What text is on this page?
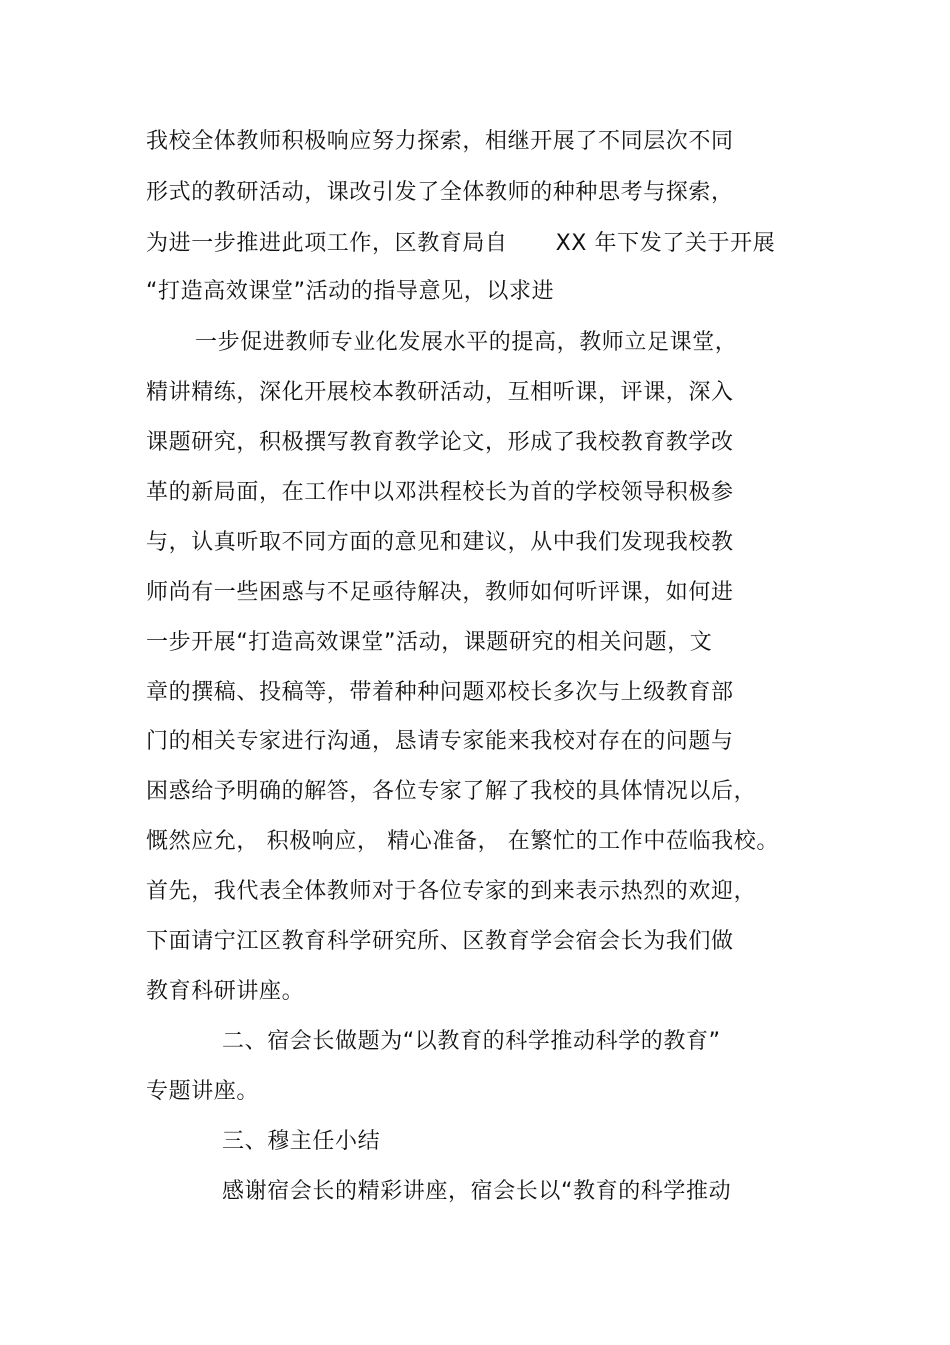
我校全体教师积极响应努力探索，相继开展了不同层次不同
形式的教研活动，课改引发了全体教师的种种思考与探索，
为进一步推进此项工作，区教育局自 XX 年下发了关于开展
“打造高效课堂”活动的指导意见，以求进
一步促进教师专业化发展水平的提高，教师立足课堂，
精讲精练，深化开展校本教研活动，互相听课，评课，深入
课题研究，积极撰写教育教学论文，形成了我校教育教学改
革的新局面，在工作中以邓洪程校长为首的学校领导积极参
与，认真听取不同方面的意见和建议，从中我们发现我校教
师尚有一些困惑与不足亟待解决，教师如何听评课，如何进
一步开展“打造高效课堂”活动，课题研究的相关问题，文
章的撰稿、投稿等，带着种种问题邓校长多次与上级教育部
门的相关专家进行沟通，恳请专家能来我校对存在的问题与
困惑给予明确的解答，各位专家了解了我校的具体情况以后，
慨然应允， 积极响应， 精心准备， 在繁忙的工作中莅临我校。
首先，我代表全体教师对于各位专家的到来表示热烈的欢迎，
下面请宁江区教育科学研究所、区教育学会宿会长为我们做
教育科研讲座。
二、宿会长做题为“以教育的科学推动科学的教育”
专题讲座。
三、穆主任小结
感谢宿会长的精彩讲座，宿会长以“教育的科学推动
